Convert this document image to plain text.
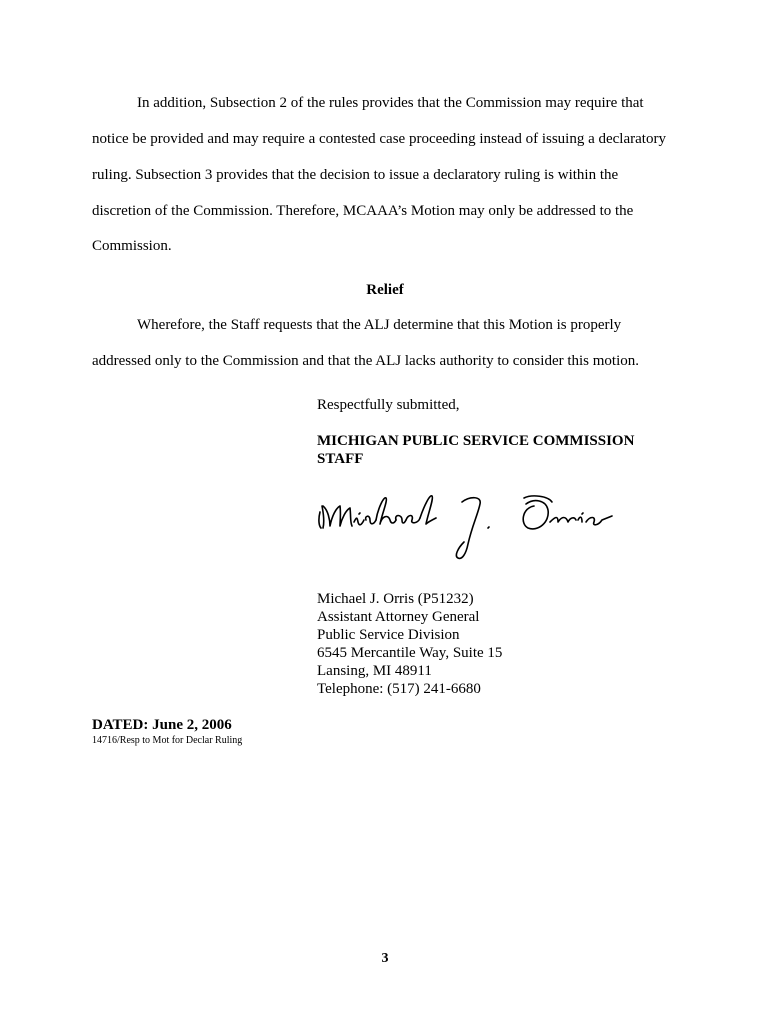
In addition, Subsection 2 of the rules provides that the Commission may require that
notice be provided and may require a contested case proceeding instead of issuing a declaratory
ruling. Subsection 3 provides that the decision to issue a declaratory ruling is within the
discretion of the Commission. Therefore, MCAAA’s Motion may only be addressed to the
Commission.
Relief
Wherefore, the Staff requests that the ALJ determine that this Motion is properly
addressed only to the Commission and that the ALJ lacks authority to consider this motion.
Respectfully submitted,
MICHIGAN PUBLIC SERVICE COMMISSION
STAFF
Michael J. Orris (P51232)
Assistant Attorney General
Public Service Division
6545 Mercantile Way, Suite 15
Lansing, MI 48911
Telephone: (517) 241-6680
DATED: June 2, 2006
14716/Resp to Mot for Declar Ruling
3
